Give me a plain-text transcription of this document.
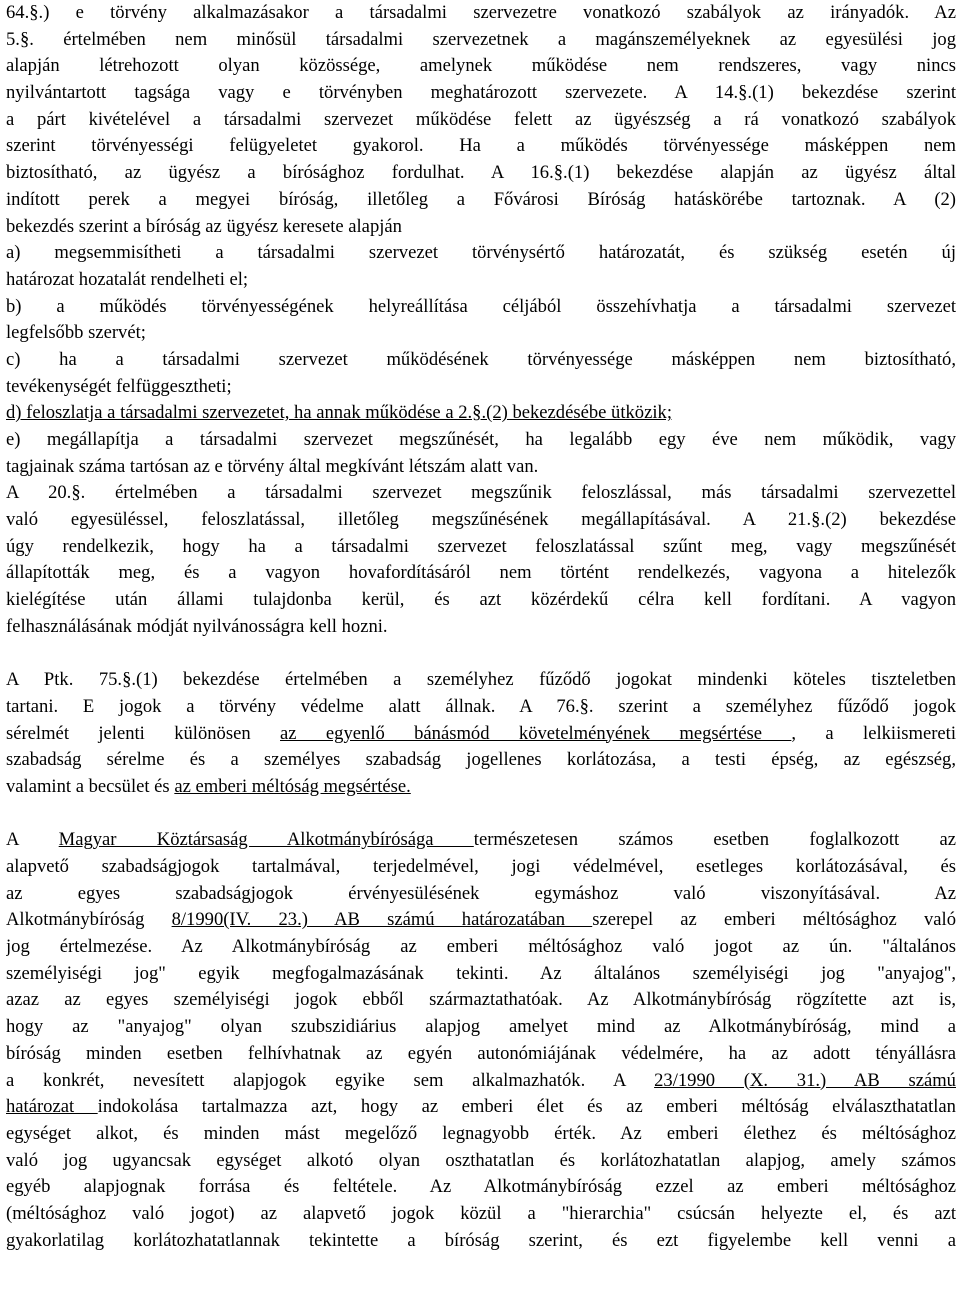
64.§.) e törvény alkalmazásakor a társadalmi szervezetre vonatkozó szabályok az irányadók. Az
5.§. értelmében nem minősül társadalmi szervezetnek a magánszemélyeknek az egyesülési jog
alapján létrehozott olyan közössége, amelynek működése nem rendszeres, vagy nincs
nyilvántartott tagsága vagy e törvényben meghatározott szervezete. A 14.§.(1) bekezdése szerint
a párt kivételével a társadalmi szervezet működése felett az ügyészség a rá vonatkozó szabályok
szerint törvényességi felügyeletet gyakorol. Ha a működés törvényessége másképpen nem
biztosítható, az ügyész a bírósághoz fordulhat. A 16.§.(1) bekezdése alapján az ügyész által
indított perek a megyei bíróság, illetőleg a Fővárosi Bíróság hatáskörébe tartoznak. A (2)
bekezdés szerint a bíróság az ügyész keresete alapján
a) megsemmisítheti a társadalmi szervezet törvénysértő határozatát, és szükség esetén új
határozat hozatalát rendelheti el;
b) a működés törvényességének helyreállítása céljából összehívhatja a társadalmi szervezet
legfelsőbb szervét;
c) ha a társadalmi szervezet működésének törvényessége másképpen nem biztosítható,
tevékenységét felfüggesztheti;
d) feloszlatja a társadalmi szervezetet, ha annak működése a 2.§.(2) bekezdésébe ütközik;
e) megállapítja a társadalmi szervezet megszűnését, ha legalább egy éve nem működik, vagy
tagjainak száma tartósan az e törvény által megkívánt létszám alatt van.
A 20.§. értelmében a társadalmi szervezet megszűnik feloszlással, más társadalmi szervezettel
való egyesüléssel, feloszlatással, illetőleg megszűnésének megállapításával. A 21.§.(2) bekezdése
úgy rendelkezik, hogy ha a társadalmi szervezet feloszlatással szűnt meg, vagy megszűnését
állapították meg, és a vagyon hovafordításáról nem történt rendelkezés, vagyona a hitelezők
kielégítése után állami tulajdonba kerül, és azt közérdekű célra kell fordítani. A vagyon
felhasználásának módját nyilvánosságra kell hozni.
A Ptk. 75.§.(1) bekezdése értelmében a személyhez fűződő jogokat mindenki köteles tiszteletben
tartani. E jogok a törvény védelme alatt állnak. A 76.§. szerint a személyhez fűződő jogok
sérelmét jelenti különösen az egyenlő bánásmód követelményének megsértése , a lelkiismereti
szabadság sérelme és a személyes szabadság jogellenes korlátozása, a testi épség, az egészség,
valamint a becsület és az emberi méltóság megsértése.
A Magyar Köztársaság Alkotmánybírósága természetesen számos esetben foglalkozott az
alapvető szabadságjogok tartalmával, terjedelmével, jogi védelmével, esetleges korlátozásával, és
az egyes szabadságjogok érvényesülésének egymáshoz való viszonyításával. Az
Alkotmánybíróság 8/1990(IV. 23.) AB számú határozatában szerepel az emberi méltósághoz való
jog értelmezése. Az Alkotmánybíróság az emberi méltósághoz való jogot az ún. "általános
személyiségi jog" egyik megfogalmazásának tekinti. Az általános személyiségi jog "anyajog",
azaz az egyes személyiségi jogok ebből származtathatóak. Az Alkotmánybíróság rögzítette azt is,
hogy az "anyajog" olyan szubszidiárius alapjog amelyet mind az Alkotmánybíróság, mind a
bíróság minden esetben felhívhatnak az egyén autonómiájának védelmére, ha az adott tényállásra
a konkrét, nevesített alapjogok egyike sem alkalmazhatók. A 23/1990 (X. 31.) AB számú
határozat indokolása tartalmazza azt, hogy az emberi élet és az emberi méltóság elválaszthatatlan
egységet alkot, és minden mást megelőző legnagyobb érték. Az emberi élethez és méltósághoz
való jog ugyancsak egységet alkotó olyan oszthatatlan és korlátozhatatlan alapjog, amely számos
egyéb alapjognak forrása és feltétele. Az Alkotmánybíróság ezzel az emberi méltósághoz
(méltósághoz való jogot) az alapvető jogok közül a "hierarchia" csúcsán helyezte el, és azt
gyakorlatilag korlátozhatatlannak tekintette a bíróság szerint, és ezt figyelembe kell venni a
